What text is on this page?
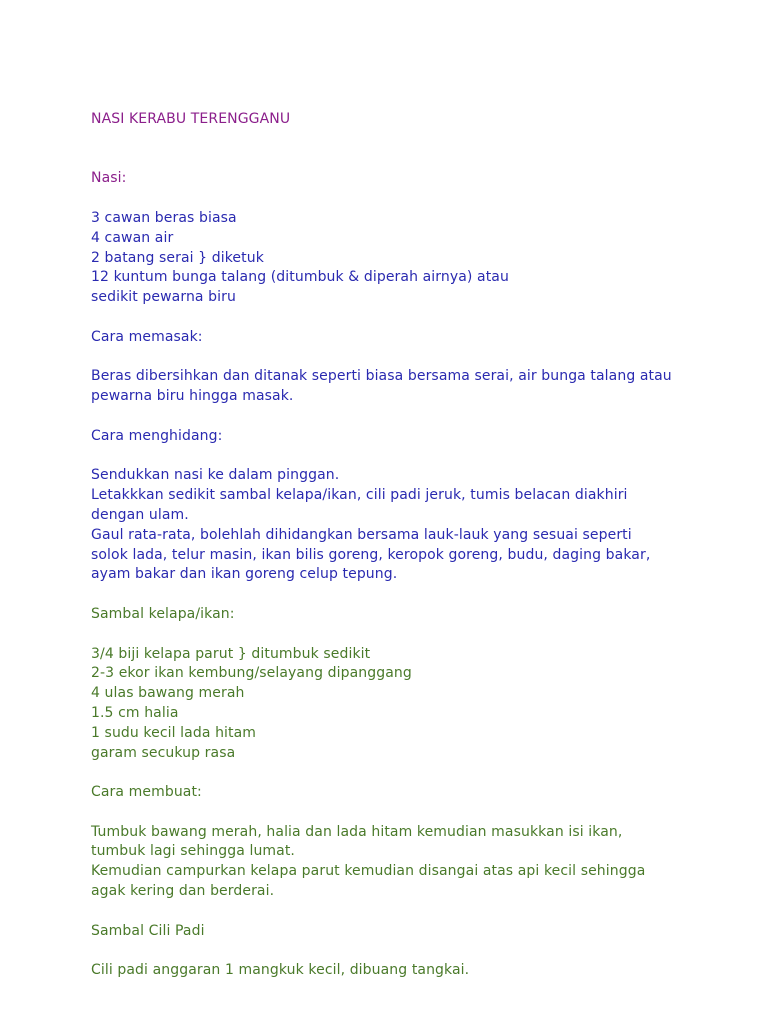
NASI KERABU TERENGGANU
Nasi:
3 cawan beras biasa
4 cawan air
2 batang serai } diketuk
12 kuntum bunga talang (ditumbuk & diperah airnya) atau
sedikit pewarna biru
Cara memasak:
Beras dibersihkan dan ditanak seperti biasa bersama serai, air bunga talang atau
pewarna biru hingga masak.
Cara menghidang:
Sendukkan nasi ke dalam pinggan.
Letakkkan sedikit sambal kelapa/ikan, cili padi jeruk, tumis belacan diakhiri
dengan ulam.
Gaul rata-rata, bolehlah dihidangkan bersama lauk-lauk yang sesuai seperti
solok lada, telur masin, ikan bilis goreng, keropok goreng, budu, daging bakar,
ayam bakar dan ikan goreng celup tepung.
Sambal kelapa/ikan:
3/4 biji kelapa parut } ditumbuk sedikit
2-3 ekor ikan kembung/selayang dipanggang
4 ulas bawang merah
1.5 cm halia
1 sudu kecil lada hitam
garam secukup rasa
Cara membuat:
Tumbuk bawang merah, halia dan lada hitam kemudian masukkan isi ikan,
tumbuk lagi sehingga lumat.
Kemudian campurkan kelapa parut kemudian disangai atas api kecil sehingga
agak kering dan berderai.
Sambal Cili Padi
Cili padi anggaran 1 mangkuk kecil, dibuang tangkai.
